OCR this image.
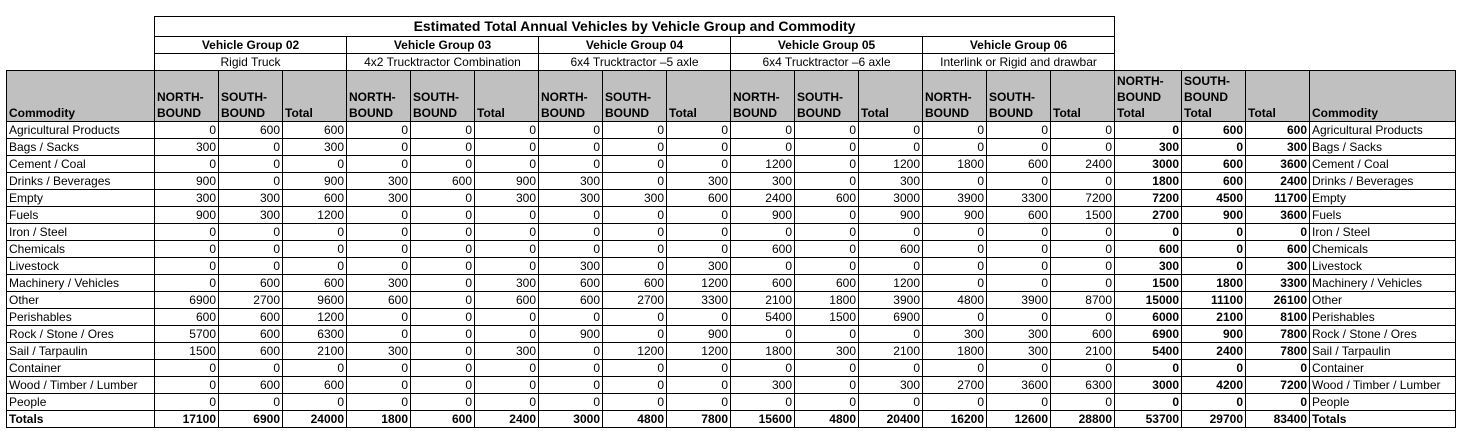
	Estimated Total Annual Vehicles by Vehicle Group and Commodity																		
	Vehicle Group 02			Vehicle Group 03			Vehicle Group 04			Vehicle Group 05			Vehicle Group 06						
	Rigid Truck			4x2 Trucktractor Combination			6x4 Trucktractor –5 axle			6x4 Trucktractor –6 axle			Interlink or Rigid and drawbar						
Commodity	NORTH-BOUND	SOUTH-BOUND	Total	NORTH-BOUND	SOUTH-BOUND	Total	NORTH-BOUND	SOUTH-BOUND	Total	NORTH-BOUND	SOUTH-BOUND	Total	NORTH-BOUND	SOUTH-BOUND	Total	NORTH-BOUND Total	SOUTH-BOUND Total	Total	Commodity
Agricultural Products	0	600	600	0	0	0	0	0	0	0	0	0	0	0	0	0	600	600	Agricultural Products
Bags / Sacks	300	0	300	0	0	0	0	0	0	0	0	0	0	0	0	300	0	300	Bags / Sacks
Cement / Coal	0	0	0	0	0	0	0	0	0	1200	0	1200	1800	600	2400	3000	600	3600	Cement / Coal
Drinks / Beverages	900	0	900	300	600	900	300	0	300	300	0	300	0	0	0	1800	600	2400	Drinks / Beverages
Empty	300	300	600	300	0	300	300	300	600	2400	600	3000	3900	3300	7200	7200	4500	11700	Empty
Fuels	900	300	1200	0	0	0	0	0	0	900	0	900	900	600	1500	2700	900	3600	Fuels
Iron / Steel	0	0	0	0	0	0	0	0	0	0	0	0	0	0	0	0	0	0	Iron / Steel
Chemicals	0	0	0	0	0	0	0	0	0	600	0	600	0	0	0	600	0	600	Chemicals
Livestock	0	0	0	0	0	0	300	0	300	0	0	0	0	0	0	300	0	300	Livestock
Machinery / Vehicles	0	600	600	300	0	300	600	600	1200	600	600	1200	0	0	0	1500	1800	3300	Machinery / Vehicles
Other	6900	2700	9600	600	0	600	600	2700	3300	2100	1800	3900	4800	3900	8700	15000	11100	26100	Other
Perishables	600	600	1200	0	0	0	0	0	0	5400	1500	6900	0	0	0	6000	2100	8100	Perishables
Rock / Stone / Ores	5700	600	6300	0	0	0	900	0	900	0	0	0	300	300	600	6900	900	7800	Rock / Stone / Ores
Sail / Tarpaulin	1500	600	2100	300	0	300	0	1200	1200	1800	300	2100	1800	300	2100	5400	2400	7800	Sail / Tarpaulin
Container	0	0	0	0	0	0	0	0	0	0	0	0	0	0	0	0	0	0	Container
Wood / Timber / Lumber	0	600	600	0	0	0	0	0	0	300	0	300	2700	3600	6300	3000	4200	7200	Wood / Timber / Lumber
People	0	0	0	0	0	0	0	0	0	0	0	0	0	0	0	0	0	0	People
Totals	17100	6900	24000	1800	600	2400	3000	4800	7800	15600	4800	20400	16200	12600	28800	53700	29700	83400	Totals
